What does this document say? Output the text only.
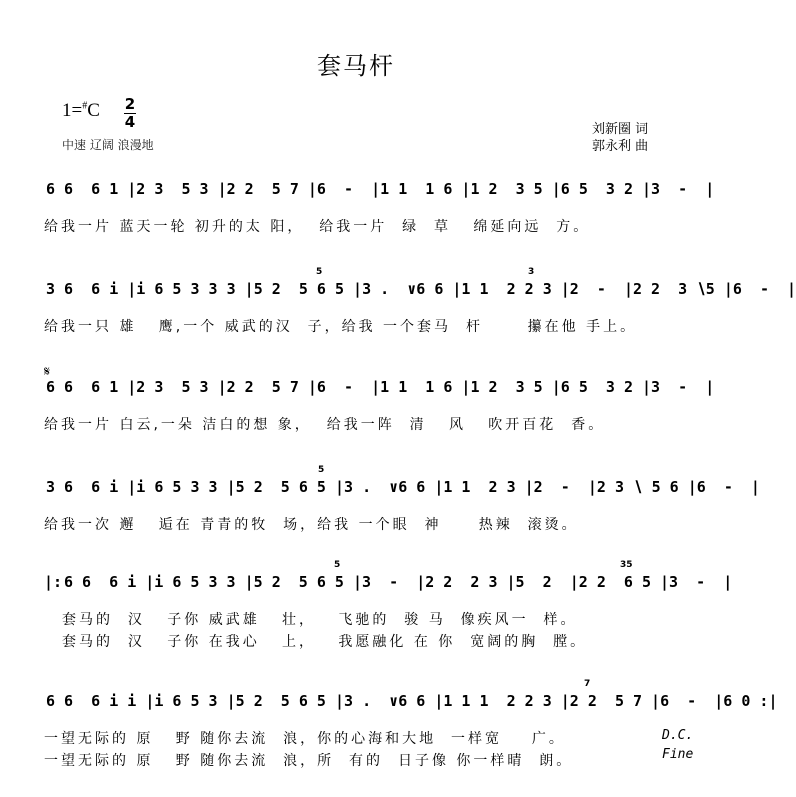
套马杆
1=#C 2
4
中速 辽阔 浪漫地
刘新圈 词
郭永利 曲
6 6  6 1 |2 3  5 3 |2 2  5 7 |6  -  |1 1  1 6 |1 2  3 5 |6 5  3 2 |3  -  |
给我一片 蓝天一轮 初升的太 阳，  给我一片  绿  草   绵延向远  方。
3 6  6 i |i 6 5 3 3 3 |5 2  5 6 5 |3 .  ∨6 6 |1 1  2 2 3 |2  -  |2 2  3 ∖5 |6  -  |
给我一只 雄   鹰,一个 威武的汉  子，给我 一个套马  杆      攥在他 手上。
𝄋
6 6  6 1 |2 3  5 3 |2 2  5 7 |6  -  |1 1  1 6 |1 2  3 5 |6 5  3 2 |3  -  |
给我一片 白云,一朵 洁白的想 象，  给我一阵  清   风   吹开百花  香。
3 6  6 i |i 6 5 3 3 |5 2  5 6 5 |3 .  ∨6 6 |1 1  2 3 |2  -  |2 3 ∖ 5 6 |6  -  |
给我一次 邂   逅在 青青的牧  场，给我 一个眼  神     热辣  滚烫。
|: 6 6  6 i |i 6 5 3 3 |5 2  5 6 5 |3  -  |2 2  2 3 |5  2  |2 2  6 5 |3  -  |
套马的  汉   子你 威武雄   壮，   飞驰的  骏 马  像疾风一  样。
套马的  汉   子你 在我心   上，   我愿融化 在 你  宽阔的胸  膛。
6 6  6 i i |i 6 5 3 |5 2  5 6 5 |3 .  ∨6 6 |1 1 1  2 2 3 |2 2  5 7 |6  -  |6 0 :|
一望无际的 原   野 随你去流  浪，你的心海和大地  一样宽    广。
一望无际的 原   野 随你去流  浪，所  有的  日子像 你一样晴  朗。
5	3
5
5	35
7
D.C.
Fine
